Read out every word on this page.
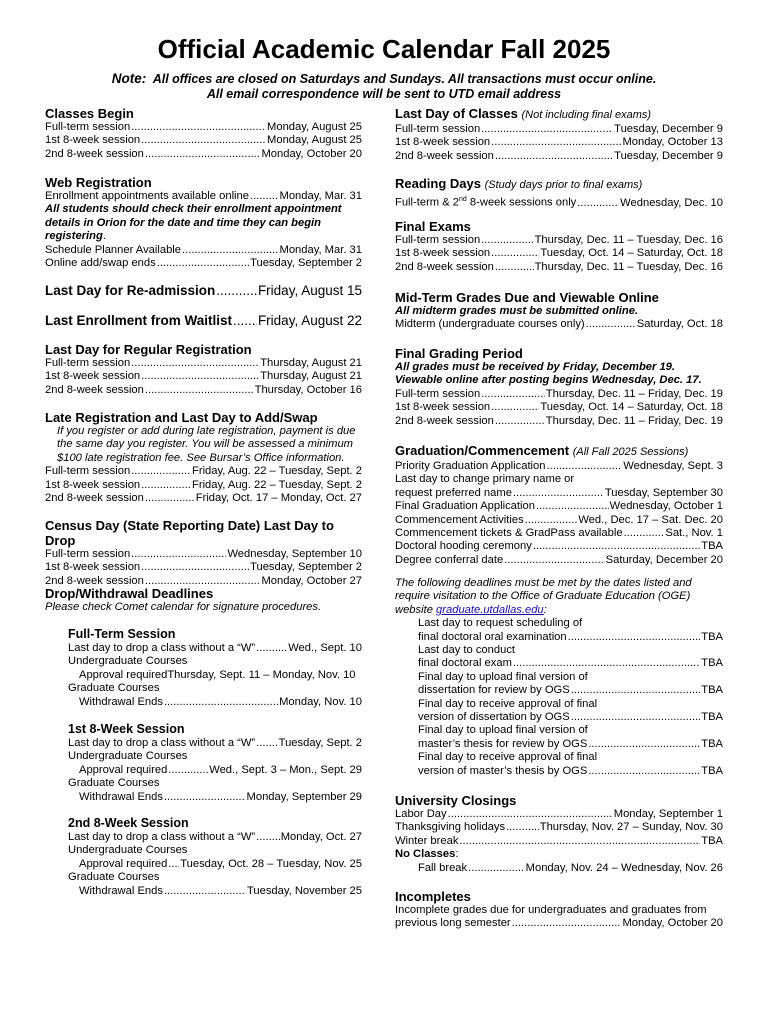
Official Academic Calendar Fall 2025
Note: All offices are closed on Saturdays and Sundays. All transactions must occur online.
All email correspondence will be sent to UTD email address
Classes Begin
Full-term session .....	Monday, August 25
1st 8-week session .....	Monday, August 25
2nd 8-week session .....	Monday, October 20
Web Registration
Enrollment appointments available online .....	Monday, Mar. 31
All students should check their enrollment appointment
details in Orion for the date and time they can begin
registering.
Schedule Planner Available .....	Monday, Mar. 31
Online add/swap ends .....	Tuesday, September 2
Last Day for Re-admission .....	Friday, August 15
Last Enrollment from Waitlist ..... Friday, August 22
Last Day for Regular Registration
Full-term session .....	Thursday, August 21
1st 8-week session .....	Thursday, August 21
2nd 8-week session .....	Thursday, October 16
Late Registration and Last Day to Add/Swap
If you register or add during late registration, payment is due
the same day you register. You will be assessed a minimum
$100 late registration fee. See Bursar’s Office information.
Full-term session .....	Friday, Aug. 22 – Tuesday, Sept. 2
1st 8-week session .....	Friday, Aug. 22 – Tuesday, Sept. 2
2nd 8-week session .....	Friday, Oct. 17 – Monday, Oct. 27
Census Day (State Reporting Date) Last Day to Drop
Full-term session .....	Wednesday, September 10
1st 8-week session .....	Tuesday, September 2
2nd 8-week session .....	Monday, October 27
Drop/Withdrawal Deadlines
Please check Comet calendar for signature procedures.
Full-Term Session
Last day to drop a class without a “W” .....	Wed., Sept. 10
Undergraduate Courses
Approval required Thursday, Sept. 11 – Monday, Nov. 10
Graduate Courses
Withdrawal Ends .....	Monday, Nov. 10
1st 8-Week Session
Last day to drop a class without a “W” ..... Tuesday, Sept. 2
Undergraduate Courses
Approval required .....	Wed., Sept. 3 – Mon., Sept. 29
Graduate Courses
Withdrawal Ends .....	Monday, September 29
2nd 8-Week Session
Last day to drop a class without a “W” ..... Monday, Oct. 27
Undergraduate Courses
Approval required ..... Tuesday, Oct. 28 – Tuesday, Nov. 25
Graduate Courses
Withdrawal Ends .....	Tuesday, November 25
Last Day of Classes (Not including final exams)
Full-term session .....	Tuesday, December 9
1st 8-week session .....	Monday, October 13
2nd 8-week session .....	Tuesday, December 9
Reading Days (Study days prior to final exams)
Full-term & 2nd 8-week sessions only .....	Wednesday, Dec. 10
Final Exams
Full-term session .....	Thursday, Dec. 11 – Tuesday, Dec. 16
1st 8-week session .....	Tuesday, Oct. 14 – Saturday, Oct. 18
2nd 8-week session .....	Thursday, Dec. 11 – Tuesday, Dec. 16
Mid-Term Grades Due and Viewable Online
All midterm grades must be submitted online.
Midterm (undergraduate courses only) .....	Saturday, Oct. 18
Final Grading Period
All grades must be received by Friday, December 19.
Viewable online after posting begins Wednesday, Dec. 17.
Full-term session .....	Thursday, Dec. 11 – Friday, Dec. 19
1st 8-week session .....	Tuesday, Oct. 14 – Saturday, Oct. 18
2nd 8-week session .....	Thursday, Dec. 11 – Friday, Dec. 19
Graduation/Commencement (All Fall 2025 Sessions)
Priority Graduation Application .....	Wednesday, Sept. 3
Last day to change primary name or
request preferred name .....	Tuesday, September 30
Final Graduation Application .....	Wednesday, October 1
Commencement Activities .....	Wed., Dec. 17 – Sat. Dec. 20
Commencement tickets & GradPass available .....	Sat., Nov. 1
Doctoral hooding ceremony .....	TBA
Degree conferral date .....	Saturday, December 20
The following deadlines must be met by the dates listed and
require visitation to the Office of Graduate Education (OGE)
website graduate.utdallas.edu:
Last day to request scheduling of
final doctoral oral examination .....	TBA
Last day to conduct
final doctoral exam .....	TBA
Final day to upload final version of
dissertation for review by OGS .....	TBA
Final day to receive approval of final
version of dissertation by OGS .....	TBA
Final day to upload final version of
master’s thesis for review by OGS .....	TBA
Final day to receive approval of final
version of master’s thesis by OGS .....	TBA
University Closings
Labor Day .....	Monday, September 1
Thanksgiving holidays .....	Thursday, Nov. 27 – Sunday, Nov. 30
Winter break .....	TBA
No Classes:
Fall break .....	Monday, Nov. 24 – Wednesday, Nov. 26
Incompletes
Incomplete grades due for undergraduates and graduates from
previous long semester .....	Monday, October 20
